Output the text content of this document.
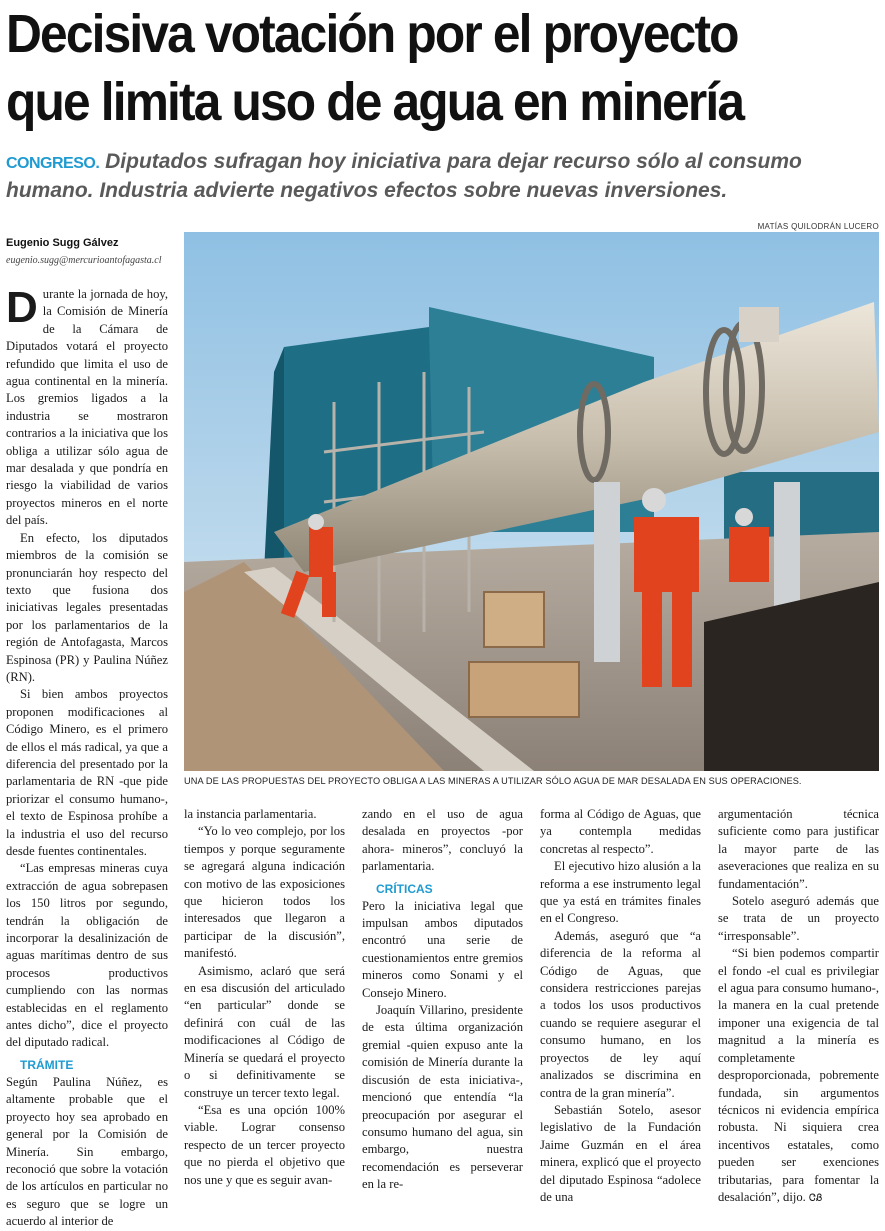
Decisiva votación por el proyecto
que limita uso de agua en minería
CONGRESO. Diputados sufragan hoy iniciativa para dejar recurso sólo al consumo humano. Industria advierte negativos efectos sobre nuevas inversiones.
MATÍAS QUILODRÁN LUCERO
Eugenio Sugg Gálvez
eugenio.sugg@mercurioantofagasta.cl
UNA DE LAS PROPUESTAS DEL PROYECTO OBLIGA A LAS MINERAS A UTILIZAR SÓLO AGUA DE MAR DESALADA EN SUS OPERACIONES.

Durante la jornada de hoy, la Comisión de Minería de la Cámara de Diputados votará el proyecto refundido que limita el uso de agua continental en la minería. Los gremios ligados a la industria se mostraron contrarios a la iniciativa que los obliga a utilizar sólo agua de mar desalada y que pondría en riesgo la viabilidad de varios proyectos mineros en el norte del país.

En efecto, los diputados miembros de la comisión se pronunciarán hoy respecto del texto que fusiona dos iniciativas legales presentadas por los parlamentarios de la región de Antofagasta, Marcos Espinosa (PR) y Paulina Núñez (RN).

Si bien ambos proyectos proponen modificaciones al Código Minero, es el primero de ellos el más radical, ya que a diferencia del presentado por la parlamentaria de RN -que pide priorizar el consumo humano-, el texto de Espinosa prohíbe a la industria el uso del recurso desde fuentes continentales.

“Las empresas mineras cuya extracción de agua sobrepasen los 150 litros por segundo, tendrán la obligación de incorporar la desalinización de aguas marítimas dentro de sus procesos productivos cumpliendo con las normas establecidas en el reglamento antes dicho”, dice el proyecto del diputado radical.

TRÁMITE

Según Paulina Núñez, es altamente probable que el proyecto hoy sea aprobado en general por la Comisión de Minería. Sin embargo, reconoció que sobre la votación de los artículos en particular no es seguro que se logre un acuerdo al interior de

la instancia parlamentaria.

“Yo lo veo complejo, por los tiempos y porque seguramente se agregará alguna indicación con motivo de las exposiciones que hicieron todos los interesados que llegaron a participar de la discusión”, manifestó.

Asimismo, aclaró que será en esa discusión del articulado “en particular” donde se definirá con cuál de las modificaciones al Código de Minería se quedará el proyecto o si definitivamente se construye un tercer texto legal.

“Esa es una opción 100% viable. Lograr consenso respecto de un tercer proyecto que no pierda el objetivo que nos une y que es seguir avan-

zando en el uso de agua desalada en proyectos -por ahora- mineros”, concluyó la parlamentaria.

CRÍTICAS

Pero la iniciativa legal que impulsan ambos diputados encontró una serie de cuestionamientos entre gremios mineros como Sonami y el Consejo Minero.

Joaquín Villarino, presidente de esta última organización gremial -quien expuso ante la comisión de Minería durante la discusión de esta iniciativa-, mencionó que entendía “la preocupación por asegurar el consumo humano del agua, sin embargo, nuestra recomendación es perseverar en la re-

forma al Código de Aguas, que ya contempla medidas concretas al respecto”.

El ejecutivo hizo alusión a la reforma a ese instrumento legal que ya está en trámites finales en el Congreso.

Además, aseguró que “a diferencia de la reforma al Código de Aguas, que considera restricciones parejas a todos los usos productivos cuando se requiere asegurar el consumo humano, en los proyectos de ley aquí analizados se discrimina en contra de la gran minería”.

Sebastián Sotelo, asesor legislativo de la Fundación Jaime Guzmán en el área minera, explicó que el proyecto del diputado Espinosa “adolece de una

argumentación técnica suficiente como para justificar la mayor parte de las aseveraciones que realiza en su fundamentación”.

Sotelo aseguró además que se trata de un proyecto “irresponsable”.

“Si bien podemos compartir el fondo -el cual es privilegiar el agua para consumo humano-, la manera en la cual pretende imponer una exigencia de tal magnitud a la minería es completamente desproporcionada, pobremente fundada, sin argumentos técnicos ni evidencia empírica robusta. Ni siquiera crea incentivos estatales, como pueden ser exenciones tributarias, para fomentar la desalación”, dijo. ᏣᏰ
